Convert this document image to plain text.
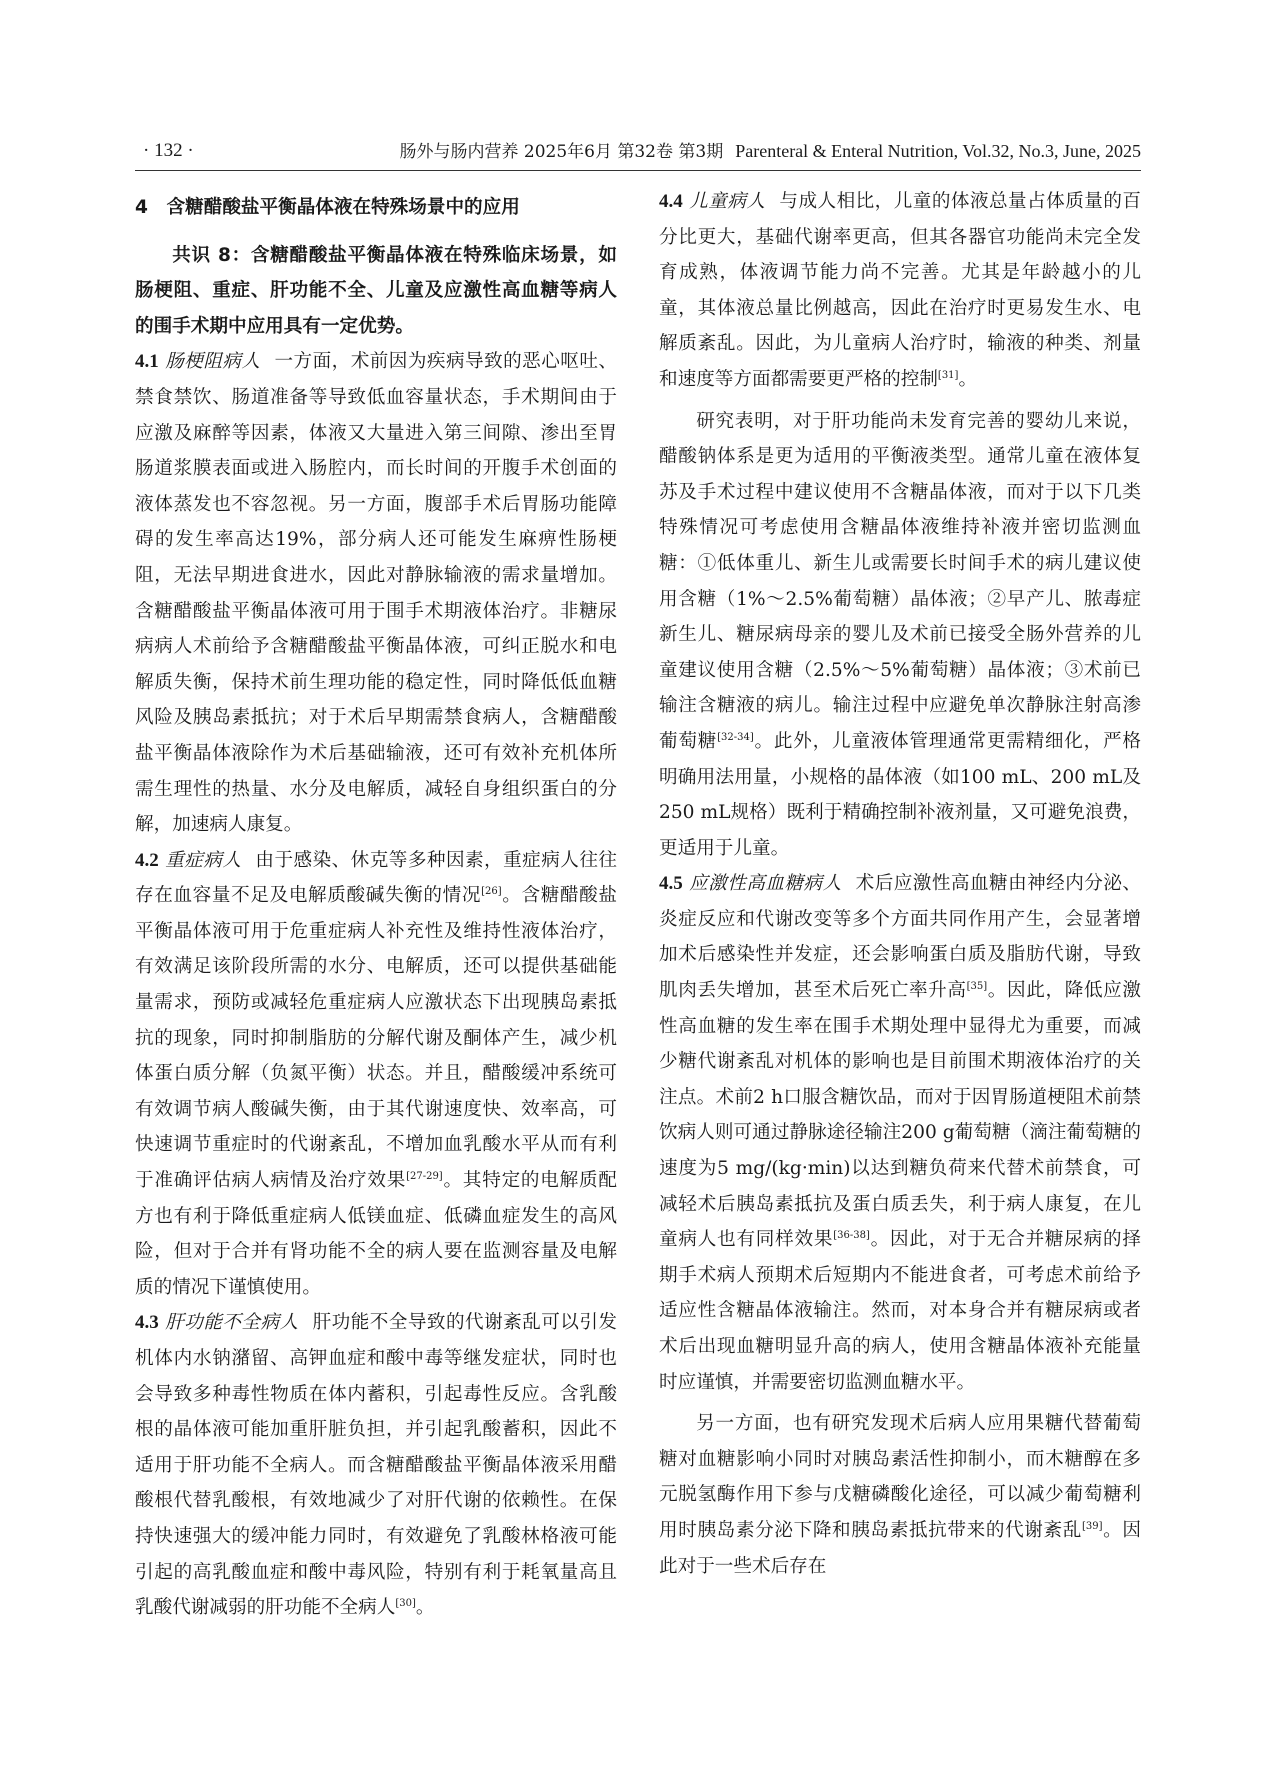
· 132 ·	肠外与肠内营养 2025年6月 第32卷 第3期 Parenteral & Enteral Nutrition, Vol.32, No.3, June, 2025

4　含糖醋酸盐平衡晶体液在特殊场景中的应用

共识 8：含糖醋酸盐平衡晶体液在特殊临床场景，如肠梗阻、重症、肝功能不全、儿童及应激性高血糖等病人的围手术期中应用具有一定优势。

4.1 肠梗阻病人 一方面，术前因为疾病导致的恶心呕吐、禁食禁饮、肠道准备等导致低血容量状态，手术期间由于应激及麻醉等因素，体液又大量进入第三间隙、渗出至胃肠道浆膜表面或进入肠腔内，而长时间的开腹手术创面的液体蒸发也不容忽视。另一方面，腹部手术后胃肠功能障碍的发生率高达19%，部分病人还可能发生麻痹性肠梗阻，无法早期进食进水，因此对静脉输液的需求量增加。含糖醋酸盐平衡晶体液可用于围手术期液体治疗。非糖尿病病人术前给予含糖醋酸盐平衡晶体液，可纠正脱水和电解质失衡，保持术前生理功能的稳定性，同时降低低血糖风险及胰岛素抵抗；对于术后早期需禁食病人，含糖醋酸盐平衡晶体液除作为术后基础输液，还可有效补充机体所需生理性的热量、水分及电解质，减轻自身组织蛋白的分解，加速病人康复。

4.2 重症病人 由于感染、休克等多种因素，重症病人往往存在血容量不足及电解质酸碱失衡的情况[26]。含糖醋酸盐平衡晶体液可用于危重症病人补充性及维持性液体治疗，有效满足该阶段所需的水分、电解质，还可以提供基础能量需求，预防或减轻危重症病人应激状态下出现胰岛素抵抗的现象，同时抑制脂肪的分解代谢及酮体产生，减少机体蛋白质分解（负氮平衡）状态。并且，醋酸缓冲系统可有效调节病人酸碱失衡，由于其代谢速度快、效率高，可快速调节重症时的代谢紊乱，不增加血乳酸水平从而有利于准确评估病人病情及治疗效果[27-29]。其特定的电解质配方也有利于降低重症病人低镁血症、低磷血症发生的高风险，但对于合并有肾功能不全的病人要在监测容量及电解质的情况下谨慎使用。

4.3 肝功能不全病人 肝功能不全导致的代谢紊乱可以引发机体内水钠潴留、高钾血症和酸中毒等继发症状，同时也会导致多种毒性物质在体内蓄积，引起毒性反应。含乳酸根的晶体液可能加重肝脏负担，并引起乳酸蓄积，因此不适用于肝功能不全病人。而含糖醋酸盐平衡晶体液采用醋酸根代替乳酸根，有效地减少了对肝代谢的依赖性。在保持快速强大的缓冲能力同时，有效避免了乳酸林格液可能引起的高乳酸血症和酸中毒风险，特别有利于耗氧量高且乳酸代谢减弱的肝功能不全病人[30]。

4.4 儿童病人 与成人相比，儿童的体液总量占体质量的百分比更大，基础代谢率更高，但其各器官功能尚未完全发育成熟，体液调节能力尚不完善。尤其是年龄越小的儿童，其体液总量比例越高，因此在治疗时更易发生水、电解质紊乱。因此，为儿童病人治疗时，输液的种类、剂量和速度等方面都需要更严格的控制[31]。

研究表明，对于肝功能尚未发育完善的婴幼儿来说，醋酸钠体系是更为适用的平衡液类型。通常儿童在液体复苏及手术过程中建议使用不含糖晶体液，而对于以下几类特殊情况可考虑使用含糖晶体液维持补液并密切监测血糖：①低体重儿、新生儿或需要长时间手术的病儿建议使用含糖（1%～2.5%葡萄糖）晶体液；②早产儿、脓毒症新生儿、糖尿病母亲的婴儿及术前已接受全肠外营养的儿童建议使用含糖（2.5%～5%葡萄糖）晶体液；③术前已输注含糖液的病儿。输注过程中应避免单次静脉注射高渗葡萄糖[32-34]。此外，儿童液体管理通常更需精细化，严格明确用法用量，小规格的晶体液（如100 mL、200 mL及250 mL规格）既利于精确控制补液剂量，又可避免浪费，更适用于儿童。

4.5 应激性高血糖病人 术后应激性高血糖由神经内分泌、炎症反应和代谢改变等多个方面共同作用产生，会显著增加术后感染性并发症，还会影响蛋白质及脂肪代谢，导致肌肉丢失增加，甚至术后死亡率升高[35]。因此，降低应激性高血糖的发生率在围手术期处理中显得尤为重要，而减少糖代谢紊乱对机体的影响也是目前围术期液体治疗的关注点。术前2 h口服含糖饮品，而对于因胃肠道梗阻术前禁饮病人则可通过静脉途径输注200 g葡萄糖（滴注葡萄糖的速度为5 mg/(kg·min)以达到糖负荷来代替术前禁食，可减轻术后胰岛素抵抗及蛋白质丢失，利于病人康复，在儿童病人也有同样效果[36-38]。因此，对于无合并糖尿病的择期手术病人预期术后短期内不能进食者，可考虑术前给予适应性含糖晶体液输注。然而，对本身合并有糖尿病或者术后出现血糖明显升高的病人，使用含糖晶体液补充能量时应谨慎，并需要密切监测血糖水平。

另一方面，也有研究发现术后病人应用果糖代替葡萄糖对血糖影响小同时对胰岛素活性抑制小，而木糖醇在多元脱氢酶作用下参与戊糖磷酸化途径，可以减少葡萄糖利用时胰岛素分泌下降和胰岛素抵抗带来的代谢紊乱[39]。因此对于一些术后存在
